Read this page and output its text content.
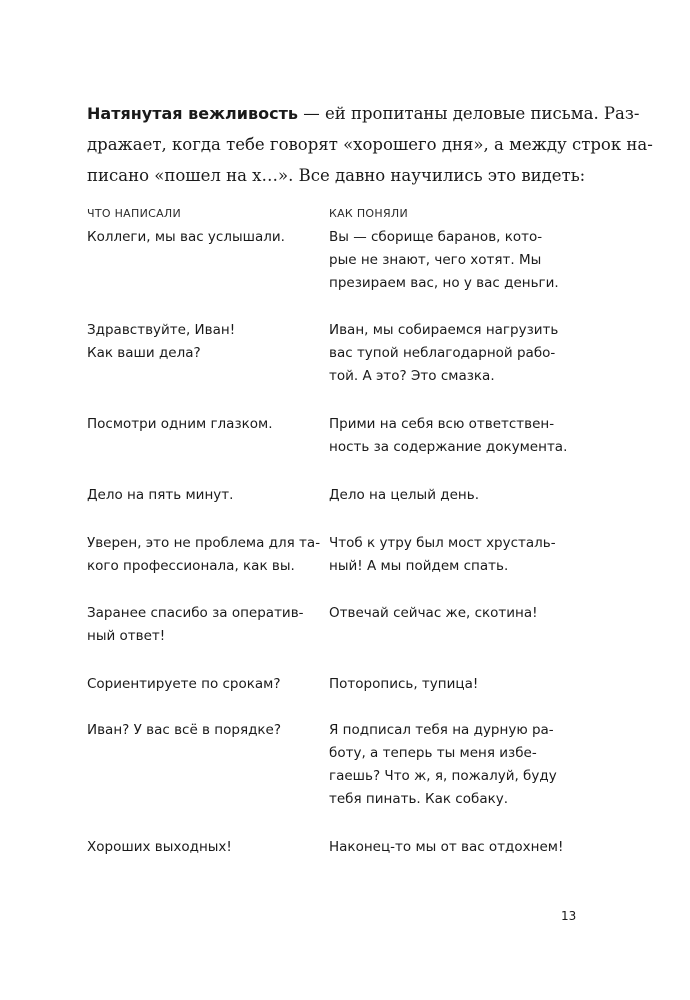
Натянутая вежливость — ей пропитаны деловые письма. Раз-
дражает, когда тебе говорят «хорошего дня», а между строк на-
писано «пошел на х…». Все давно научились это видеть:
ЧТО НАПИСАЛИ	КАК ПОНЯЛИ
Коллеги, мы вас услышали.
Здравствуйте, Иван!
Как ваши дела?
Посмотри одним глазком.
Дело на пять минут.
Уверен, это не проблема для та-
кого профессионала, как вы.
Заранее спасибо за оператив-
ный ответ!
Сориентируете по срокам?
Иван? У вас всё в порядке?
Хороших выходных!
Вы — сборище баранов, кото-
рые не знают, чего хотят. Мы
презираем вас, но у вас деньги.
Иван, мы собираемся нагрузить
вас тупой неблагодарной рабо-
той. А это? Это смазка.
Прими на себя всю ответствен-
ность за содержание документа.
Дело на целый день.
Чтоб к утру был мост хрусталь-
ный! А мы пойдем спать.
Отвечай сейчас же, скотина!
Поторопись, тупица!
Я подписал тебя на дурную ра-
боту, а теперь ты меня избе-
гаешь? Что ж, я, пожалуй, буду
тебя пинать. Как собаку.
Наконец-то мы от вас отдохнем!
13
